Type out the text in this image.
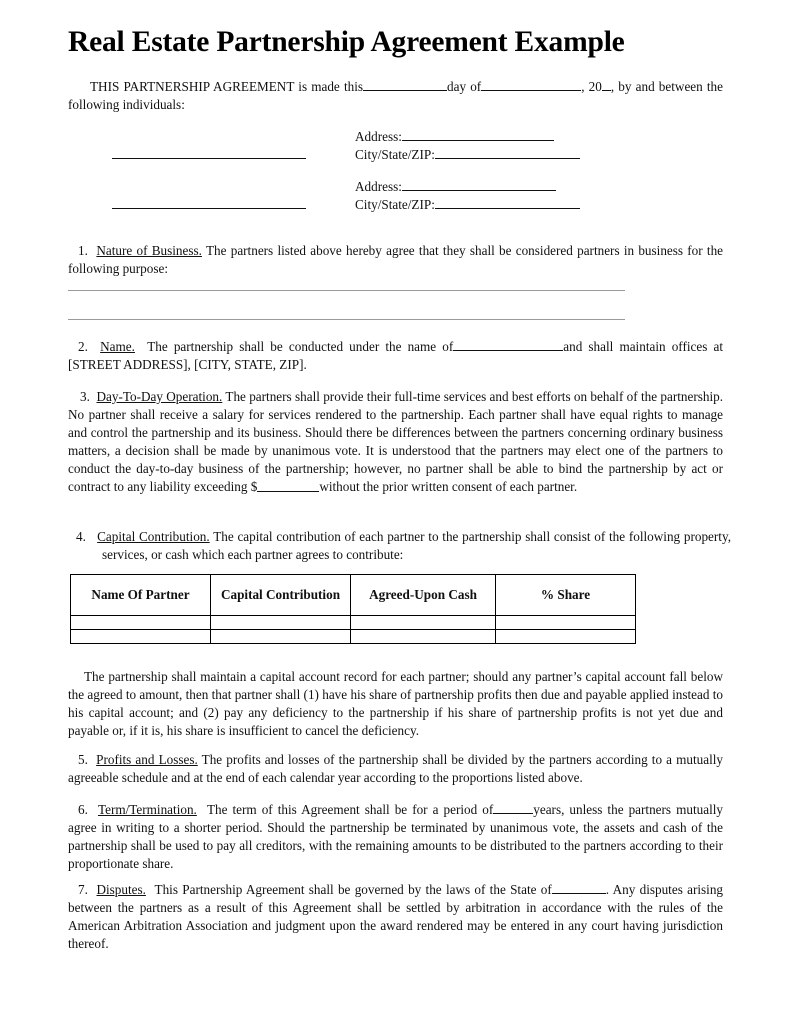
Real Estate Partnership Agreement Example
THIS PARTNERSHIP AGREEMENT is made this	day of	, 20 , by and between the following individuals:
Address:
City/State/ZIP:
Address:
City/State/ZIP:
1. Nature of Business. The partners listed above hereby agree that they shall be considered partners in business for the following purpose:
2. Name. The partnership shall be conducted under the name of	and shall maintain offices at [STREET ADDRESS], [CITY, STATE, ZIP].
3. Day-To-Day Operation. The partners shall provide their full-time services and best efforts on behalf of the partnership. No partner shall receive a salary for services rendered to the partnership. Each partner shall have equal rights to manage and control the partnership and its business. Should there be differences between the partners concerning ordinary business matters, a decision shall be made by unanimous vote. It is understood that the partners may elect one of the partners to conduct the day-to-day business of the partnership; however, no partner shall be able to bind the partnership by act or contract to any liability exceeding $	without the prior written consent of each partner.
4. Capital Contribution. The capital contribution of each partner to the partnership shall consist of the following property, services, or cash which each partner agrees to contribute:
Name Of Partner	Capital Contribution	Agreed-Upon Cash	% Share

The partnership shall maintain a capital account record for each partner; should any partner’s capital account fall below the agreed to amount, then that partner shall (1) have his share of partnership profits then due and payable applied instead to his capital account; and (2) pay any deficiency to the partnership if his share of partnership profits is not yet due and payable or, if it is, his share is insufficient to cancel the deficiency.
5. Profits and Losses. The profits and losses of the partnership shall be divided by the partners according to a mutually agreeable schedule and at the end of each calendar year according to the proportions listed above.
6. Term/Termination. The term of this Agreement shall be for a period of	years, unless the partners mutually agree in writing to a shorter period. Should the partnership be terminated by unanimous vote, the assets and cash of the partnership shall be used to pay all creditors, with the remaining amounts to be distributed to the partners according to their proportionate share.
7. Disputes. This Partnership Agreement shall be governed by the laws of the State of	. Any disputes arising between the partners as a result of this Agreement shall be settled by arbitration in accordance with the rules of the American Arbitration Association and judgment upon the award rendered may be entered in any court having jurisdiction thereof.
